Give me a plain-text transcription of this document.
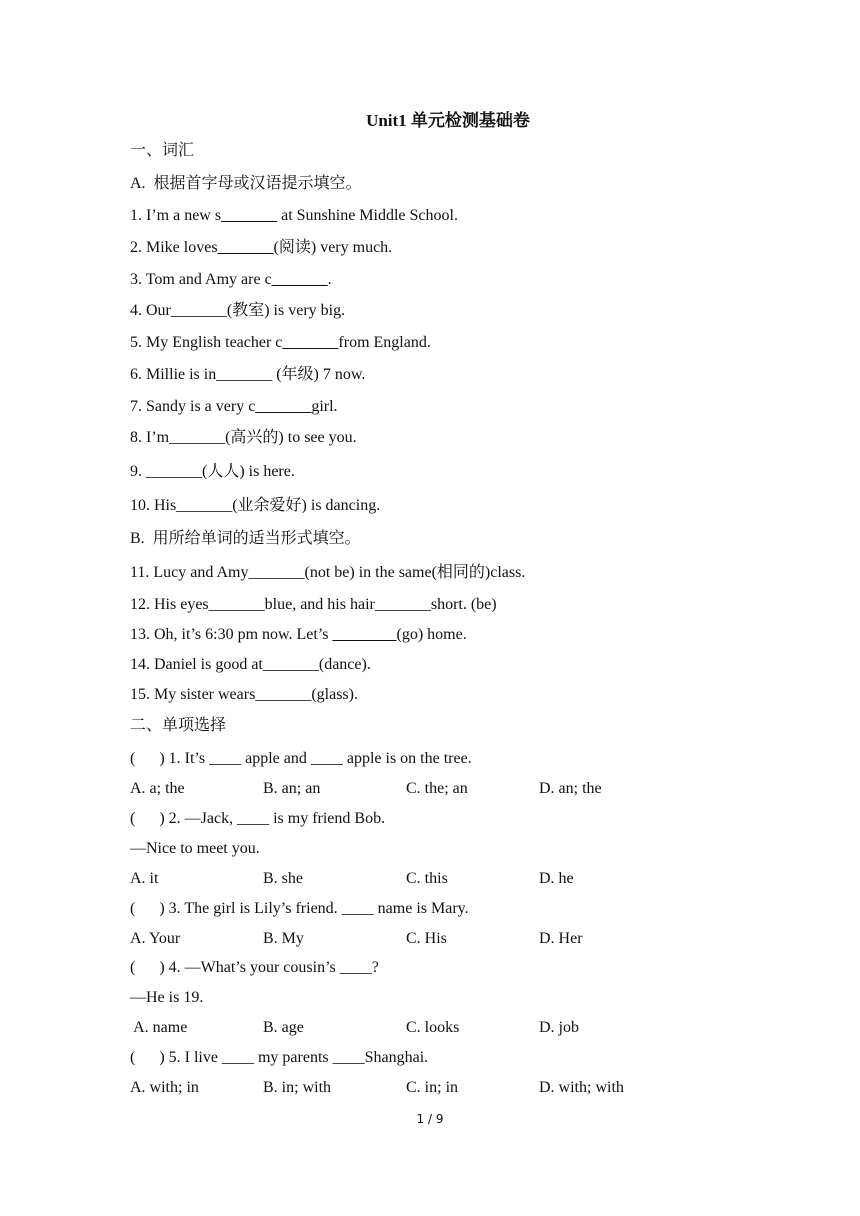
Unit1 单元检测基础卷
一、词汇
A.  根据首字母或汉语提示填空。
1. I’m a new s_______ at Sunshine Middle School.
2. Mike loves_______(阅读) very much.
3. Tom and Amy are c_______.
4. Our_______(教室) is very big.
5. My English teacher c_______from England.
6. Millie is in_______ (年级) 7 now.
7. Sandy is a very c_______girl.
8. I’m_______(高兴的) to see you.
9. _______(人人) is here.
10. His_______(业余爱好) is dancing.
B.  用所给单词的适当形式填空。
11. Lucy and Amy_______(not be) in the same(相同的)class.
12. His eyes_______blue, and his hair_______short. (be)
13. Oh, it’s 6:30 pm now. Let’s ________(go) home.
14. Daniel is good at_______(dance).
15. My sister wears_______(glass).
二、单项选择
(      ) 1. It’s ____ apple and ____ apple is on the tree.
A. a; the	B. an; an	C. the; an	D. an; the
(      ) 2. —Jack, ____ is my friend Bob.
—Nice to meet you.
A. it	B. she	C. this	D. he
(      ) 3. The girl is Lily’s friend. ____ name is Mary.
A. Your	B. My	C. His	D. Her
(      ) 4. —What’s your cousin’s ____?
—He is 19.
A. name	B. age	C. looks	D. job
(      ) 5. I live ____ my parents ____Shanghai.
A. with; in	B. in; with	C. in; in	D. with; with
1 / 9
